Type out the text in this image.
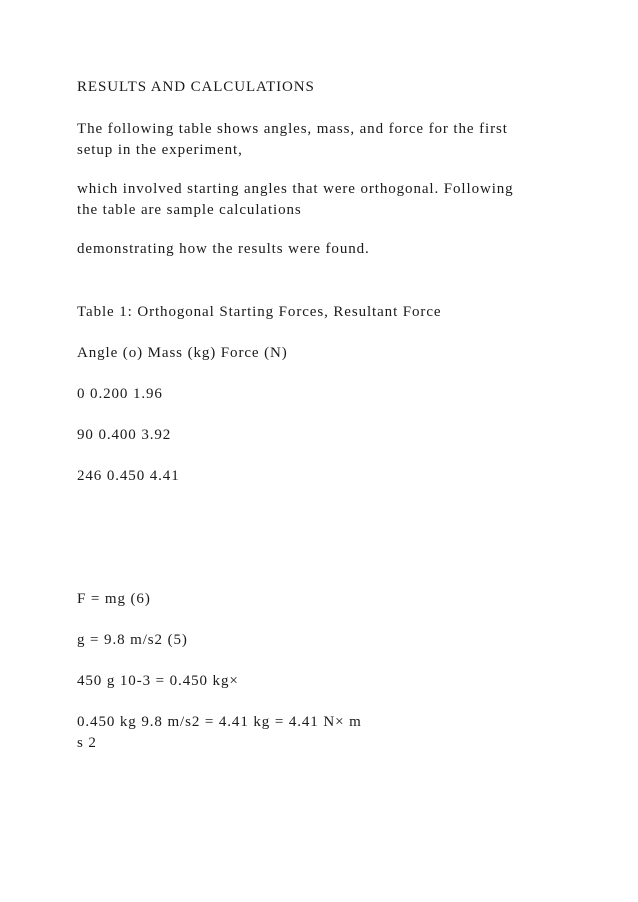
RESULTS AND CALCULATIONS

The following table shows angles, mass, and force for the first

setup in the experiment,

which involved starting angles that were orthogonal. Following

the table are sample calculations

demonstrating how the results were found.

Table 1: Orthogonal Starting Forces, Resultant Force

Angle (o) Mass (kg) Force (N)

0 0.200 1.96

90 0.400 3.92

246 0.450 4.41

F = mg (6)

g = 9.8 m/s2 (5)

450 g 10-3 = 0.450 kg×

0.450 kg 9.8 m/s2 = 4.41 kg = 4.41 N× m

s 2
